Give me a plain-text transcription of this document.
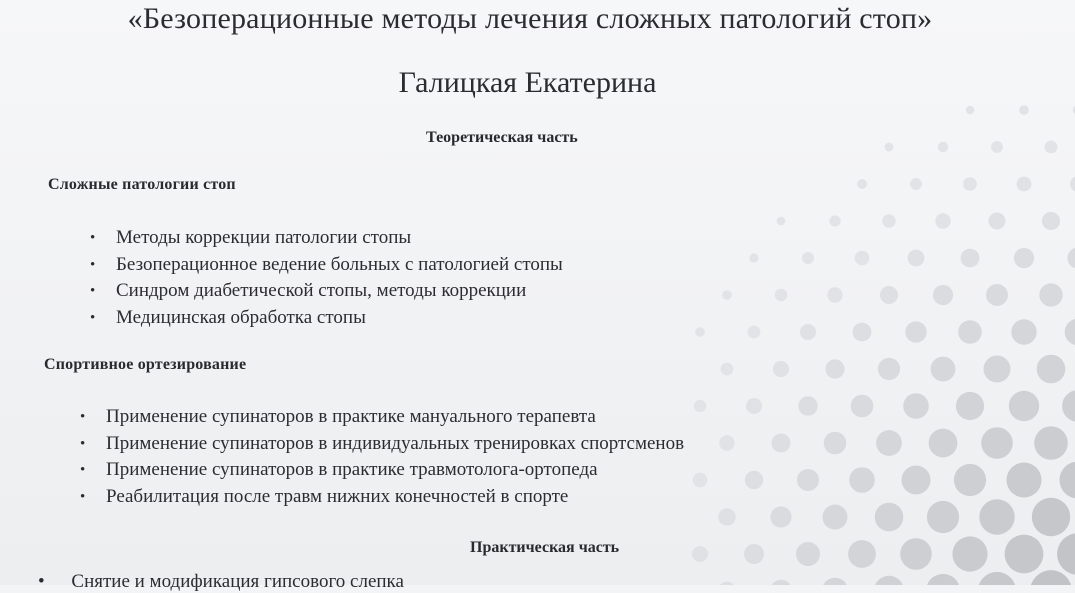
«Безоперационные методы лечения сложных патологий стоп»
Галицкая Екатерина
Теоретическая часть
Сложные патологии стоп
• Методы коррекции патологии стопы
• Безоперационное ведение больных с патологией стопы
• Синдром диабетической стопы, методы коррекции
• Медицинская обработка стопы
Спортивное ортезирование
• Применение супинаторов в практике мануального терапевта
• Применение супинаторов в индивидуальных тренировках спортсменов
• Применение супинаторов в практике травмотолога-ортопеда
• Реабилитация после травм нижних конечностей в спорте
Практическая часть
• Снятие и модификация гипсового слепка
